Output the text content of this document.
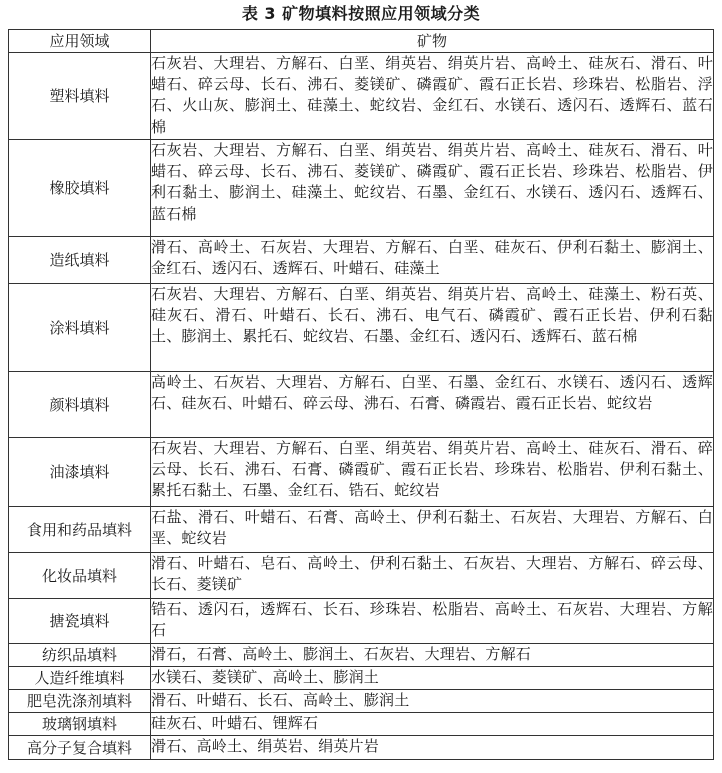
表 3 矿物填料按照应用领域分类
应用领域	矿物
塑料填料	石灰岩、大理岩、方解石、白垩、绢英岩、绢英片岩、高岭土、硅灰石、滑石、叶蜡石、碎云母、长石、沸石、菱镁矿、磷霞矿、霞石正长岩、珍珠岩、松脂岩、浮石、火山灰、膨润土、硅藻土、蛇纹岩、金红石、水镁石、透闪石、透辉石、蓝石棉
橡胶填料	石灰岩、大理岩、方解石、白垩、绢英岩、绢英片岩、高岭土、硅灰石、滑石、叶蜡石、碎云母、长石、沸石、菱镁矿、磷霞矿、霞石正长岩、珍珠岩、松脂岩、伊利石黏土、膨润土、硅藻土、蛇纹岩、石墨、金红石、水镁石、透闪石、透辉石、蓝石棉
造纸填料	滑石、高岭土、石灰岩、大理岩、方解石、白垩、硅灰石、伊利石黏土、膨润土、金红石、透闪石、透辉石、叶蜡石、硅藻土
涂料填料	石灰岩、大理岩、方解石、白垩、绢英岩、绢英片岩、高岭土、硅藻土、粉石英、硅灰石、滑石、叶蜡石、长石、沸石、电气石、磷霞矿、霞石正长岩、伊利石黏土、膨润土、累托石、蛇纹岩、石墨、金红石、透闪石、透辉石、蓝石棉
颜料填料	高岭土、石灰岩、大理岩、方解石、白垩、石墨、金红石、水镁石、透闪石、透辉石、硅灰石、叶蜡石、碎云母、沸石、石膏、磷霞岩、霞石正长岩、蛇纹岩
油漆填料	石灰岩、大理岩、方解石、白垩、绢英岩、绢英片岩、高岭土、硅灰石、滑石、碎云母、长石、沸石、石膏、磷霞矿、霞石正长岩、珍珠岩、松脂岩、伊利石黏土、累托石黏土、石墨、金红石、锆石、蛇纹岩
食用和药品填料	石盐、滑石、叶蜡石、石膏、高岭土、伊利石黏土、石灰岩、大理岩、方解石、白垩、蛇纹岩
化妆品填料	滑石、叶蜡石、皂石、高岭土、伊利石黏土、石灰岩、大理岩、方解石、碎云母、长石、菱镁矿
搪瓷填料	锆石、透闪石，透辉石、长石、珍珠岩、松脂岩、高岭土、石灰岩、大理岩、方解石
纺织品填料	滑石，石膏、高岭土、膨润土、石灰岩、大理岩、方解石
人造纤维填料	水镁石、菱镁矿、高岭土、膨润土
肥皂洗涤剂填料	滑石、叶蜡石、长石、高岭土、膨润土
玻璃钢填料	硅灰石、叶蜡石、锂辉石
高分子复合填料	滑石、高岭土、绢英岩、绢英片岩
